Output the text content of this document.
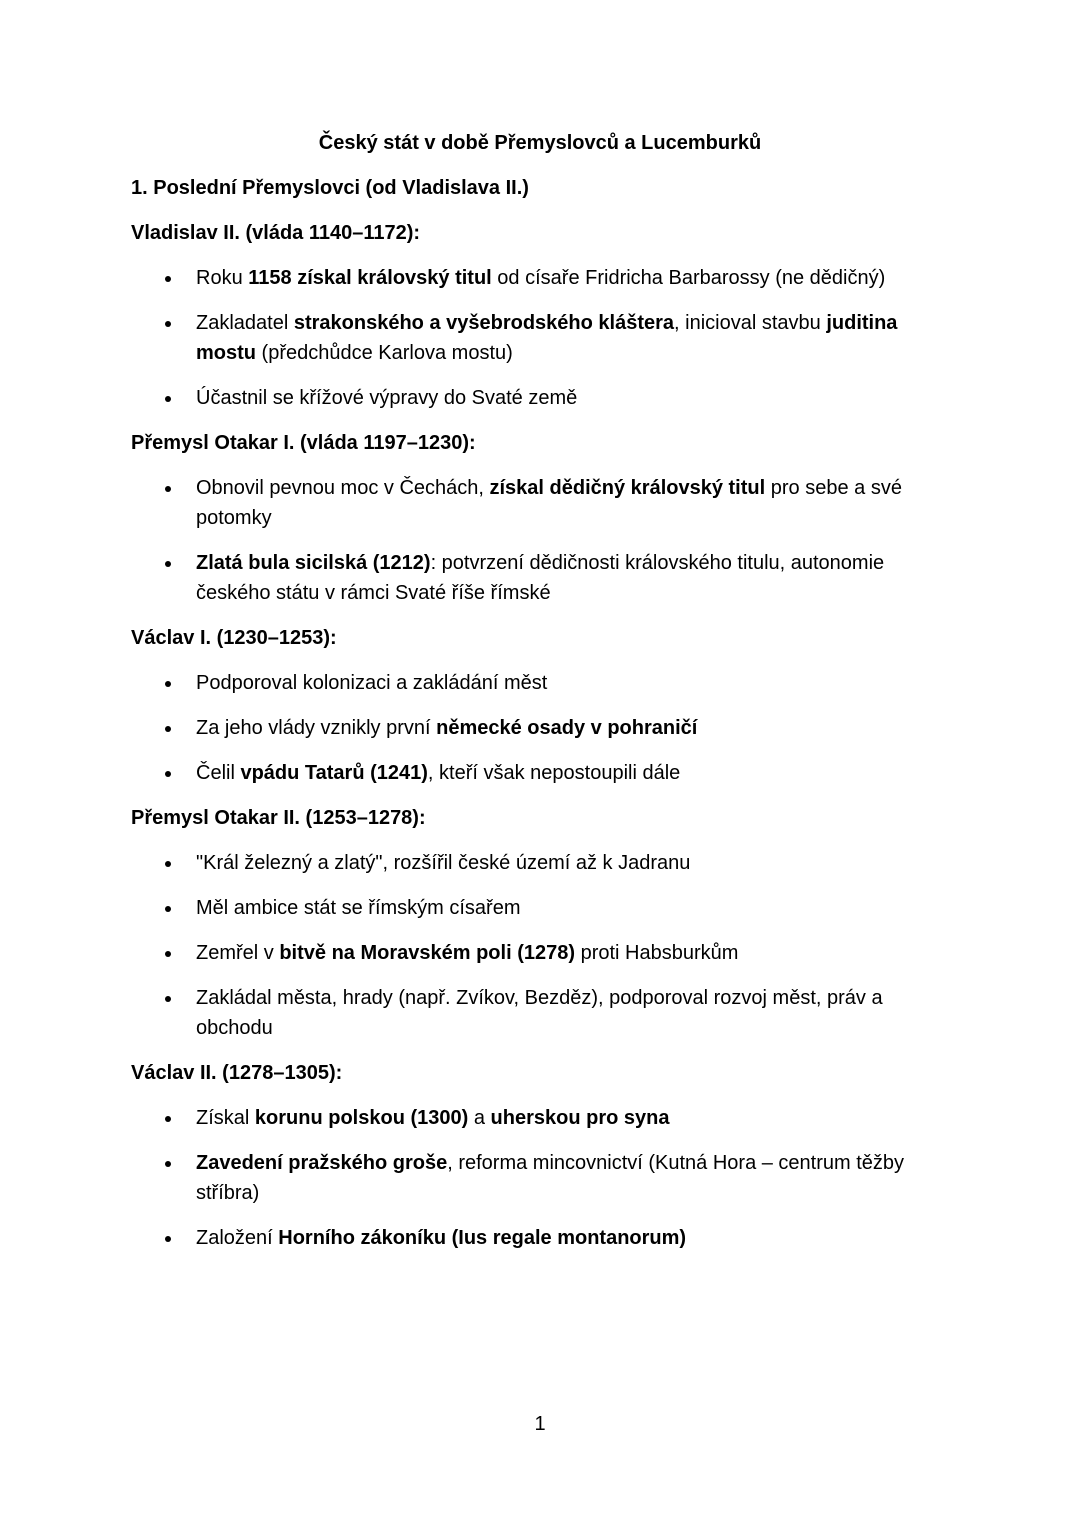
Český stát v době Přemyslovců a Lucemburků
1. Poslední Přemyslovci (od Vladislava II.)
Vladislav II. (vláda 1140–1172):
Roku 1158 získal královský titul od císaře Fridricha Barbarossy (ne dědičný)
Zakladatel strakonského a vyšebrodského kláštera, inicioval stavbu juditina mostu (předchůdce Karlova mostu)
Účastnil se křížové výpravy do Svaté země
Přemysl Otakar I. (vláda 1197–1230):
Obnovil pevnou moc v Čechách, získal dědičný královský titul pro sebe a své potomky
Zlatá bula sicilská (1212): potvrzení dědičnosti královského titulu, autonomie českého státu v rámci Svaté říše římské
Václav I. (1230–1253):
Podporoval kolonizaci a zakládání měst
Za jeho vlády vznikly první německé osady v pohraničí
Čelil vpádu Tatarů (1241), kteří však nepostoupili dále
Přemysl Otakar II. (1253–1278):
"Král železný a zlatý", rozšířil české území až k Jadranu
Měl ambice stát se římským císařem
Zemřel v bitvě na Moravském poli (1278) proti Habsburkům
Zakládal města, hrady (např. Zvíkov, Bezděz), podporoval rozvoj měst, práv a obchodu
Václav II. (1278–1305):
Získal korunu polskou (1300) a uherskou pro syna
Zavedení pražského groše, reforma mincovnictví (Kutná Hora – centrum těžby stříbra)
Založení Horního zákoníku (Ius regale montanorum)
1
